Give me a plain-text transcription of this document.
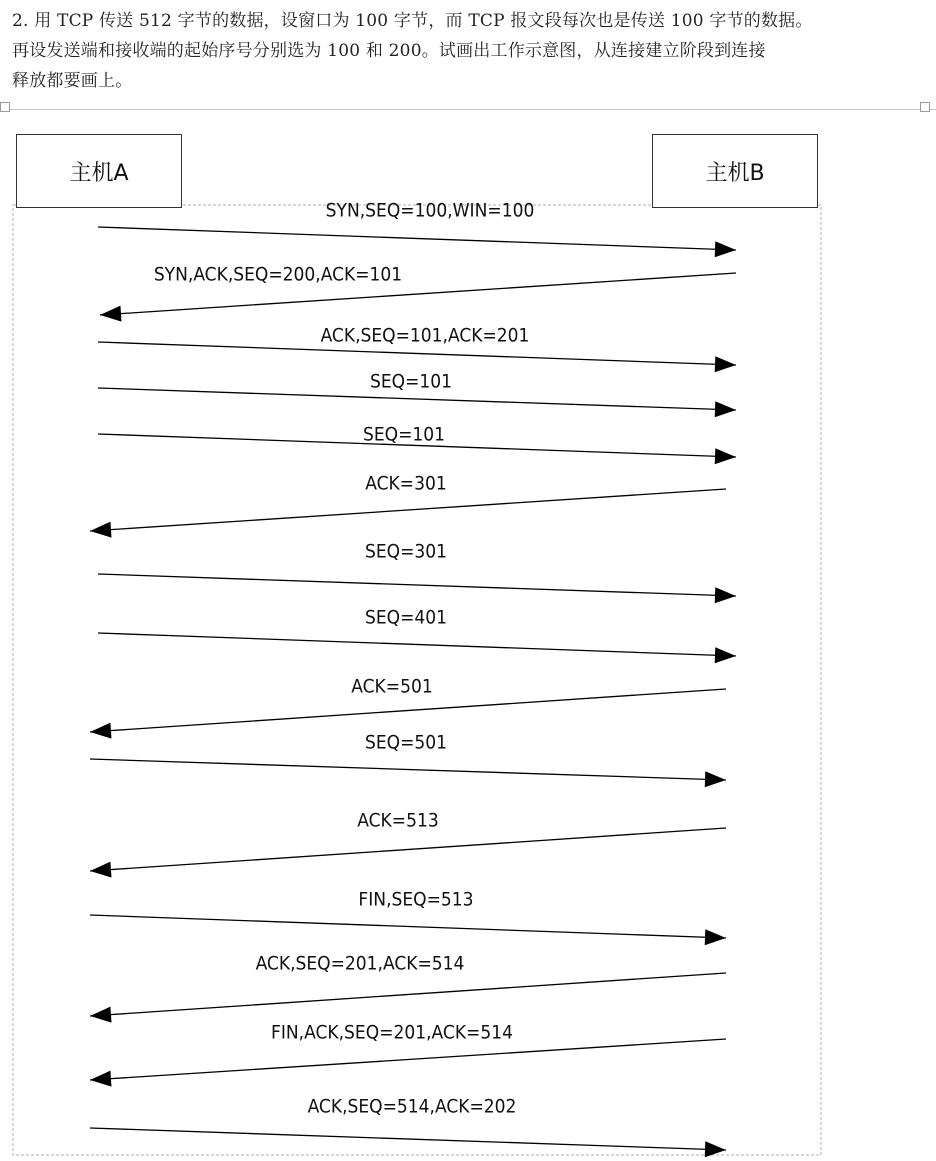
2. 用 TCP 传送 512 字节的数据，设窗口为 100 字节，而 TCP 报文段每次也是传送 100 字节的数据。
再设发送端和接收端的起始序号分别选为 100 和 200。试画出工作示意图，从连接建立阶段到连接
释放都要画上。
SYN,SEQ=100,WIN=100
SYN,ACK,SEQ=200,ACK=101
ACK,SEQ=101,ACK=201
SEQ=101
SEQ=101
ACK=301
SEQ=301
SEQ=401
ACK=501
SEQ=501
ACK=513
FIN,SEQ=513
ACK,SEQ=201,ACK=514
FIN,ACK,SEQ=201,ACK=514
ACK,SEQ=514,ACK=202
主机A	主机B
